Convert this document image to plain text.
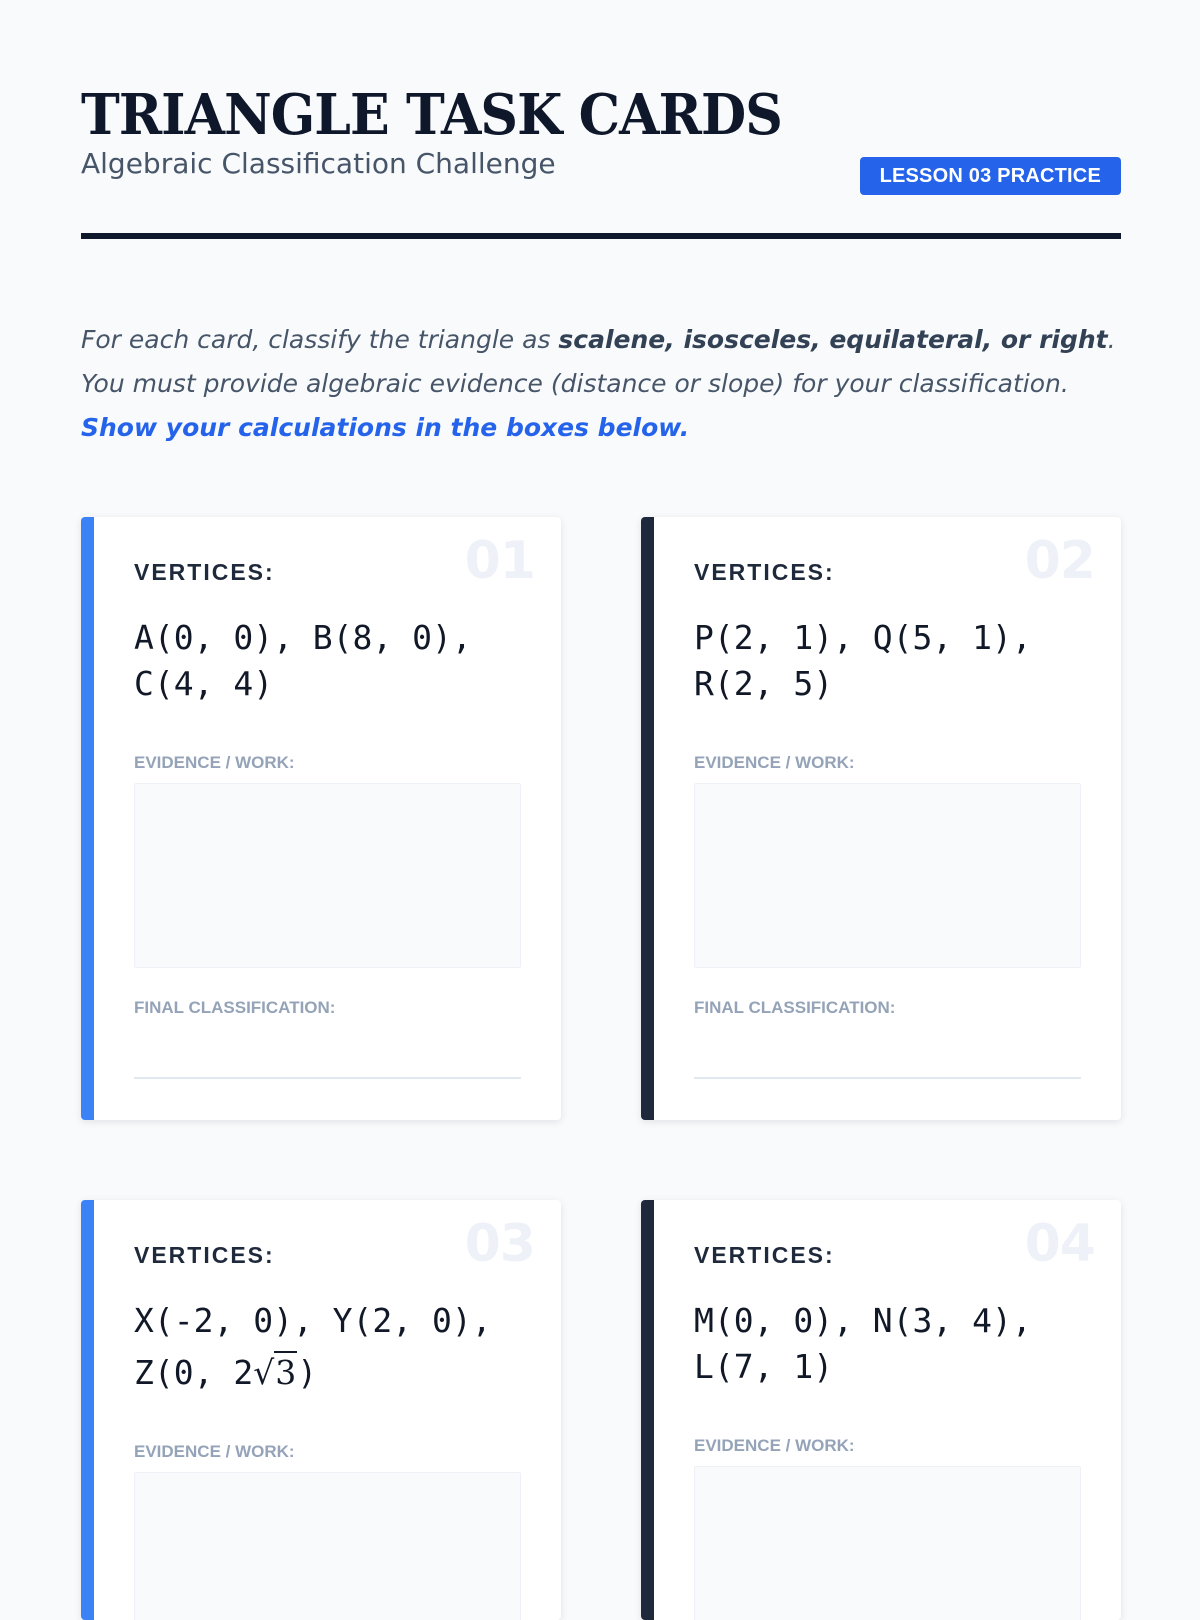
TRIANGLE TASK CARDS
Algebraic Classification Challenge	LESSON 03 PRACTICE
For each card, classify the triangle as scalene, isosceles, equilateral, or right.
You must provide algebraic evidence (distance or slope) for your classification.
Show your calculations in the boxes below.
01
VERTICES:
A(0, 0), B(8, 0),
C(4, 4)
EVIDENCE / WORK:
FINAL CLASSIFICATION:
02
VERTICES:
P(2, 1), Q(5, 1),
R(2, 5)
EVIDENCE / WORK:
FINAL CLASSIFICATION:
03
VERTICES:
X(-2, 0), Y(2, 0),
Z(0, 2√3)
EVIDENCE / WORK:
04
VERTICES:
M(0, 0), N(3, 4),
L(7, 1)
EVIDENCE / WORK:
